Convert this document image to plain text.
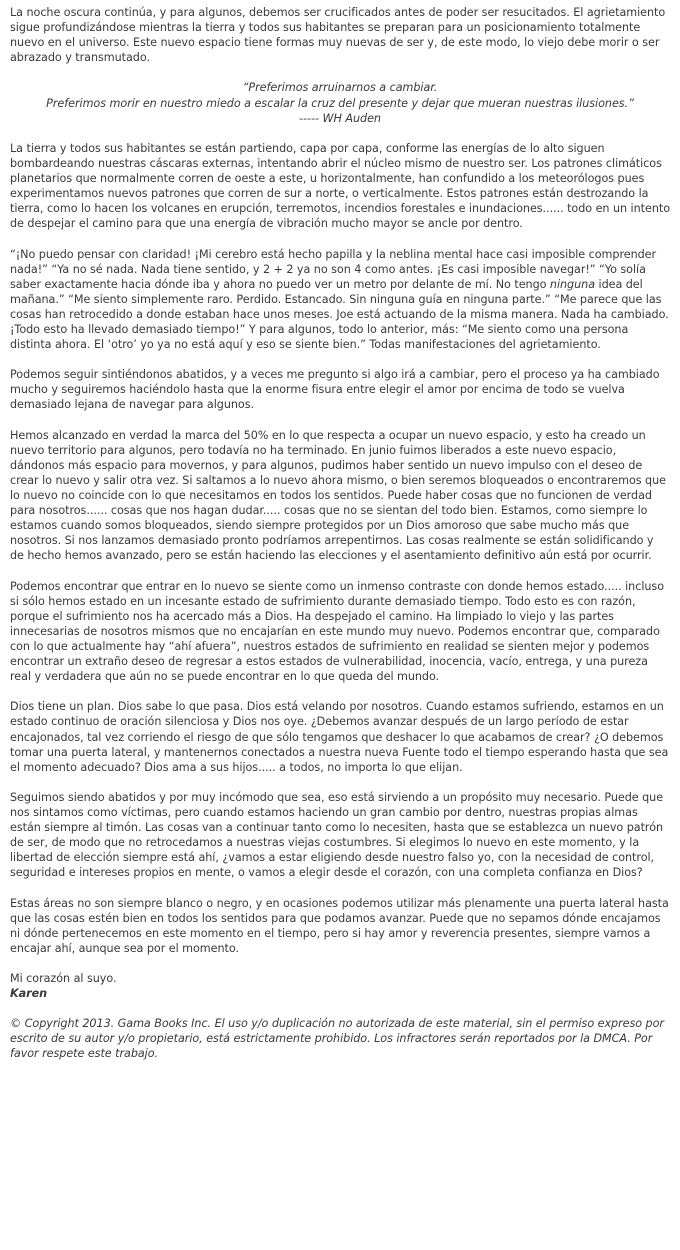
La noche oscura continúa, y para algunos, debemos ser crucificados antes de poder ser resucitados. El agrietamiento sigue profundizándose mientras la tierra y todos sus habitantes se preparan para un posicionamiento totalmente nuevo en el universo. Este nuevo espacio tiene formas muy nuevas de ser y, de este modo, lo viejo debe morir o ser abrazado y transmutado.

“Preferimos arruinarnos a cambiar.
Preferimos morir en nuestro miedo a escalar la cruz del presente y dejar que mueran nuestras ilusiones.”
----- WH Auden

La tierra y todos sus habitantes se están partiendo, capa por capa, conforme las energías de lo alto siguen bombardeando nuestras cáscaras externas, intentando abrir el núcleo mismo de nuestro ser. Los patrones climáticos planetarios que normalmente corren de oeste a este, u horizontalmente, han confundido a los meteorólogos pues experimentamos nuevos patrones que corren de sur a norte, o verticalmente. Estos patrones están destrozando la tierra, como lo hacen los volcanes en erupción, terremotos, incendios forestales e inundaciones...... todo en un intento de despejar el camino para que una energía de vibración mucho mayor se ancle por dentro.

“¡No puedo pensar con claridad! ¡Mi cerebro está hecho papilla y la neblina mental hace casi imposible comprender nada!” “Ya no sé nada. Nada tiene sentido, y 2 + 2 ya no son 4 como antes. ¡Es casi imposible navegar!” “Yo solía saber exactamente hacia dónde iba y ahora no puedo ver un metro por delante de mí. No tengo ninguna idea del mañana.” “Me siento simplemente raro. Perdido. Estancado. Sin ninguna guía en ninguna parte.” “Me parece que las cosas han retrocedido a donde estaban hace unos meses. Joe está actuando de la misma manera. Nada ha cambiado. ¡Todo esto ha llevado demasiado tiempo!” Y para algunos, todo lo anterior, más: “Me siento como una persona distinta ahora. El ‘otro’ yo ya no está aquí y eso se siente bien.” Todas manifestaciones del agrietamiento.

Podemos seguir sintiéndonos abatidos, y a veces me pregunto si algo irá a cambiar, pero el proceso ya ha cambiado mucho y seguiremos haciéndolo hasta que la enorme fisura entre elegir el amor por encima de todo se vuelva demasiado lejana de navegar para algunos.

Hemos alcanzado en verdad la marca del 50% en lo que respecta a ocupar un nuevo espacio, y esto ha creado un nuevo territorio para algunos, pero todavía no ha terminado. En junio fuimos liberados a este nuevo espacio, dándonos más espacio para movernos, y para algunos, pudimos haber sentido un nuevo impulso con el deseo de crear lo nuevo y salir otra vez. Si saltamos a lo nuevo ahora mismo, o bien seremos bloqueados o encontraremos que lo nuevo no coincide con lo que necesitamos en todos los sentidos. Puede haber cosas que no funcionen de verdad para nosotros...... cosas que nos hagan dudar..... cosas que no se sientan del todo bien. Estamos, como siempre lo estamos cuando somos bloqueados, siendo siempre protegidos por un Dios amoroso que sabe mucho más que nosotros. Si nos lanzamos demasiado pronto podríamos arrepentirnos. Las cosas realmente se están solidificando y de hecho hemos avanzado, pero se están haciendo las elecciones y el asentamiento definitivo aún está por ocurrir.

Podemos encontrar que entrar en lo nuevo se siente como un inmenso contraste con donde hemos estado..... incluso si sólo hemos estado en un incesante estado de sufrimiento durante demasiado tiempo. Todo esto es con razón, porque el sufrimiento nos ha acercado más a Dios. Ha despejado el camino. Ha limpiado lo viejo y las partes innecesarias de nosotros mismos que no encajarían en este mundo muy nuevo. Podemos encontrar que, comparado con lo que actualmente hay “ahí afuera”, nuestros estados de sufrimiento en realidad se sienten mejor y podemos encontrar un extraño deseo de regresar a estos estados de vulnerabilidad, inocencia, vacío, entrega, y una pureza real y verdadera que aún no se puede encontrar en lo que queda del mundo.

Dios tiene un plan. Dios sabe lo que pasa. Dios está velando por nosotros. Cuando estamos sufriendo, estamos en un estado continuo de oración silenciosa y Dios nos oye. ¿Debemos avanzar después de un largo período de estar encajonados, tal vez corriendo el riesgo de que sólo tengamos que deshacer lo que acabamos de crear? ¿O debemos tomar una puerta lateral, y mantenernos conectados a nuestra nueva Fuente todo el tiempo esperando hasta que sea el momento adecuado? Dios ama a sus hijos..... a todos, no importa lo que elijan.

Seguimos siendo abatidos y por muy incómodo que sea, eso está sirviendo a un propósito muy necesario. Puede que nos sintamos como víctimas, pero cuando estamos haciendo un gran cambio por dentro, nuestras propias almas están siempre al timón. Las cosas van a continuar tanto como lo necesiten, hasta que se establezca un nuevo patrón de ser, de modo que no retrocedamos a nuestras viejas costumbres. Si elegimos lo nuevo en este momento, y la libertad de elección siempre está ahí, ¿vamos a estar eligiendo desde nuestro falso yo, con la necesidad de control, seguridad e intereses propios en mente, o vamos a elegir desde el corazón, con una completa confianza en Dios?

Estas áreas no son siempre blanco o negro, y en ocasiones podemos utilizar más plenamente una puerta lateral hasta que las cosas estén bien en todos los sentidos para que podamos avanzar. Puede que no sepamos dónde encajamos ni dónde pertenecemos en este momento en el tiempo, pero si hay amor y reverencia presentes, siempre vamos a encajar ahí, aunque sea por el momento.

Mi corazón al suyo.
Karen

© Copyright 2013. Gama Books Inc. El uso y/o duplicación no autorizada de este material, sin el permiso expreso por escrito de su autor y/o propietario, está estrictamente prohibido. Los infractores serán reportados por la DMCA. Por favor respete este trabajo.
